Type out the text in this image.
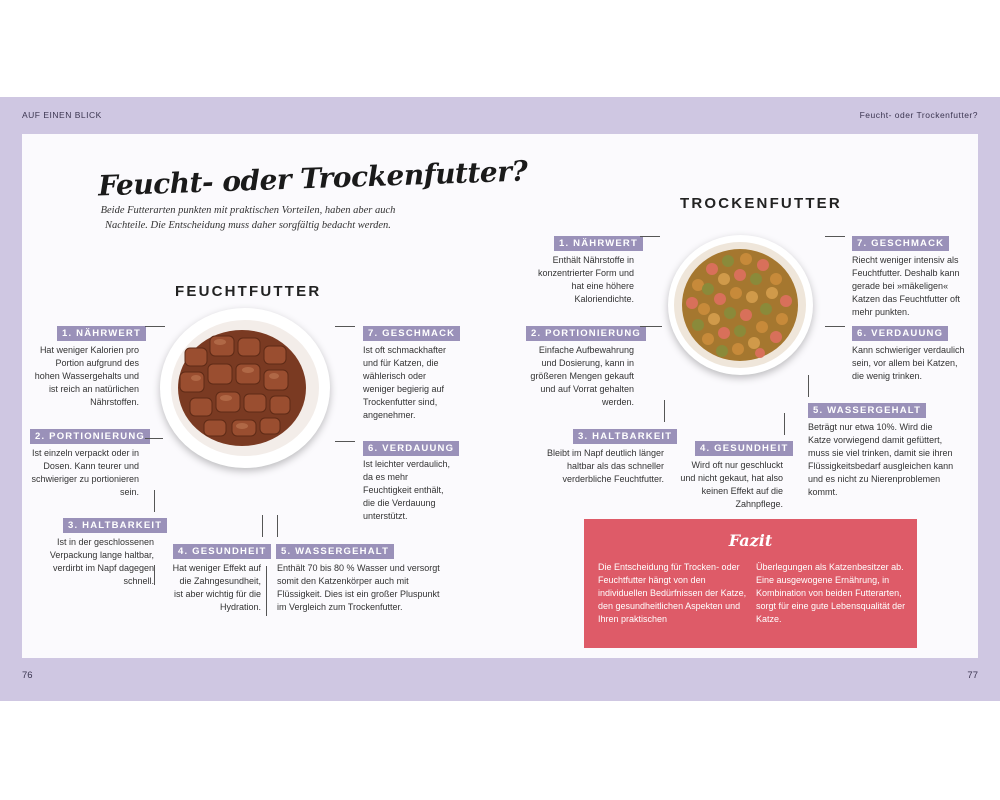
AUF EINEN BLICK	Feucht- oder Trockenfutter?
76	77
Feucht- oder Trockenfutter?
Beide Futterarten punkten mit praktischen Vorteilen, haben aber auch Nachteile. Die Entscheidung muss daher sorgfältig bedacht werden.
FEUCHTFUTTER
1. NÄHRWERT
Hat weniger Kalorien pro Portion aufgrund des hohen Wassergehalts und ist reich an natürlichen Nährstoffen.
2. PORTIONIERUNG
Ist einzeln verpackt oder in Dosen. Kann teurer und schwieriger zu portionieren sein.
3. HALTBARKEIT
Ist in der geschlossenen Verpackung lange haltbar, verdirbt im Napf dagegen schnell.
4. GESUNDHEIT
Hat weniger Effekt auf die Zahngesundheit, ist aber wichtig für die Hydration.
5. WASSERGEHALT
Enthält 70 bis 80 % Wasser und versorgt somit den Katzenkörper auch mit Flüssigkeit. Dies ist ein großer Pluspunkt im Vergleich zum Trockenfutter.
6. VERDAUUNG
Ist leichter verdaulich, da es mehr Feuchtigkeit enthält, die die Verdauung unterstützt.
7. GESCHMACK
Ist oft schmackhafter und für Katzen, die wählerisch oder weniger begierig auf Trockenfutter sind, angenehmer.
TROCKENFUTTER
1. NÄHRWERT
Enthält Nährstoffe in konzentrierter Form und hat eine höhere Kaloriendichte.
2. PORTIONIERUNG
Einfache Aufbewahrung und Dosierung, kann in größeren Mengen gekauft und auf Vorrat gehalten werden.
3. HALTBARKEIT
Bleibt im Napf deutlich länger haltbar als das schneller verderbliche Feuchtfutter.
4. GESUNDHEIT
Wird oft nur geschluckt und nicht gekaut, hat also keinen Effekt auf die Zahnpflege.
5. WASSERGEHALT
Beträgt nur etwa 10%. Wird die Katze vorwiegend damit gefüttert, muss sie viel trinken, damit sie ihren Flüssigkeitsbedarf ausgleichen kann und es nicht zu Nierenproblemen kommt.
6. VERDAUUNG
Kann schwieriger verdaulich sein, vor allem bei Katzen, die wenig trinken.
7. GESCHMACK
Riecht weniger intensiv als Feuchtfutter. Deshalb kann gerade bei »mäkeligen« Katzen das Feuchtfutter oft mehr punkten.
Fazit
Die Entscheidung für Trocken- oder Feuchtfutter hängt von den individuellen Bedürfnissen der Katze, den gesundheitlichen Aspekten und Ihren praktischen
Überlegungen als Katzenbesitzer ab. Eine ausgewogene Ernährung, in Kombination von beiden Futterarten, sorgt für eine gute Lebensqualität der Katze.
